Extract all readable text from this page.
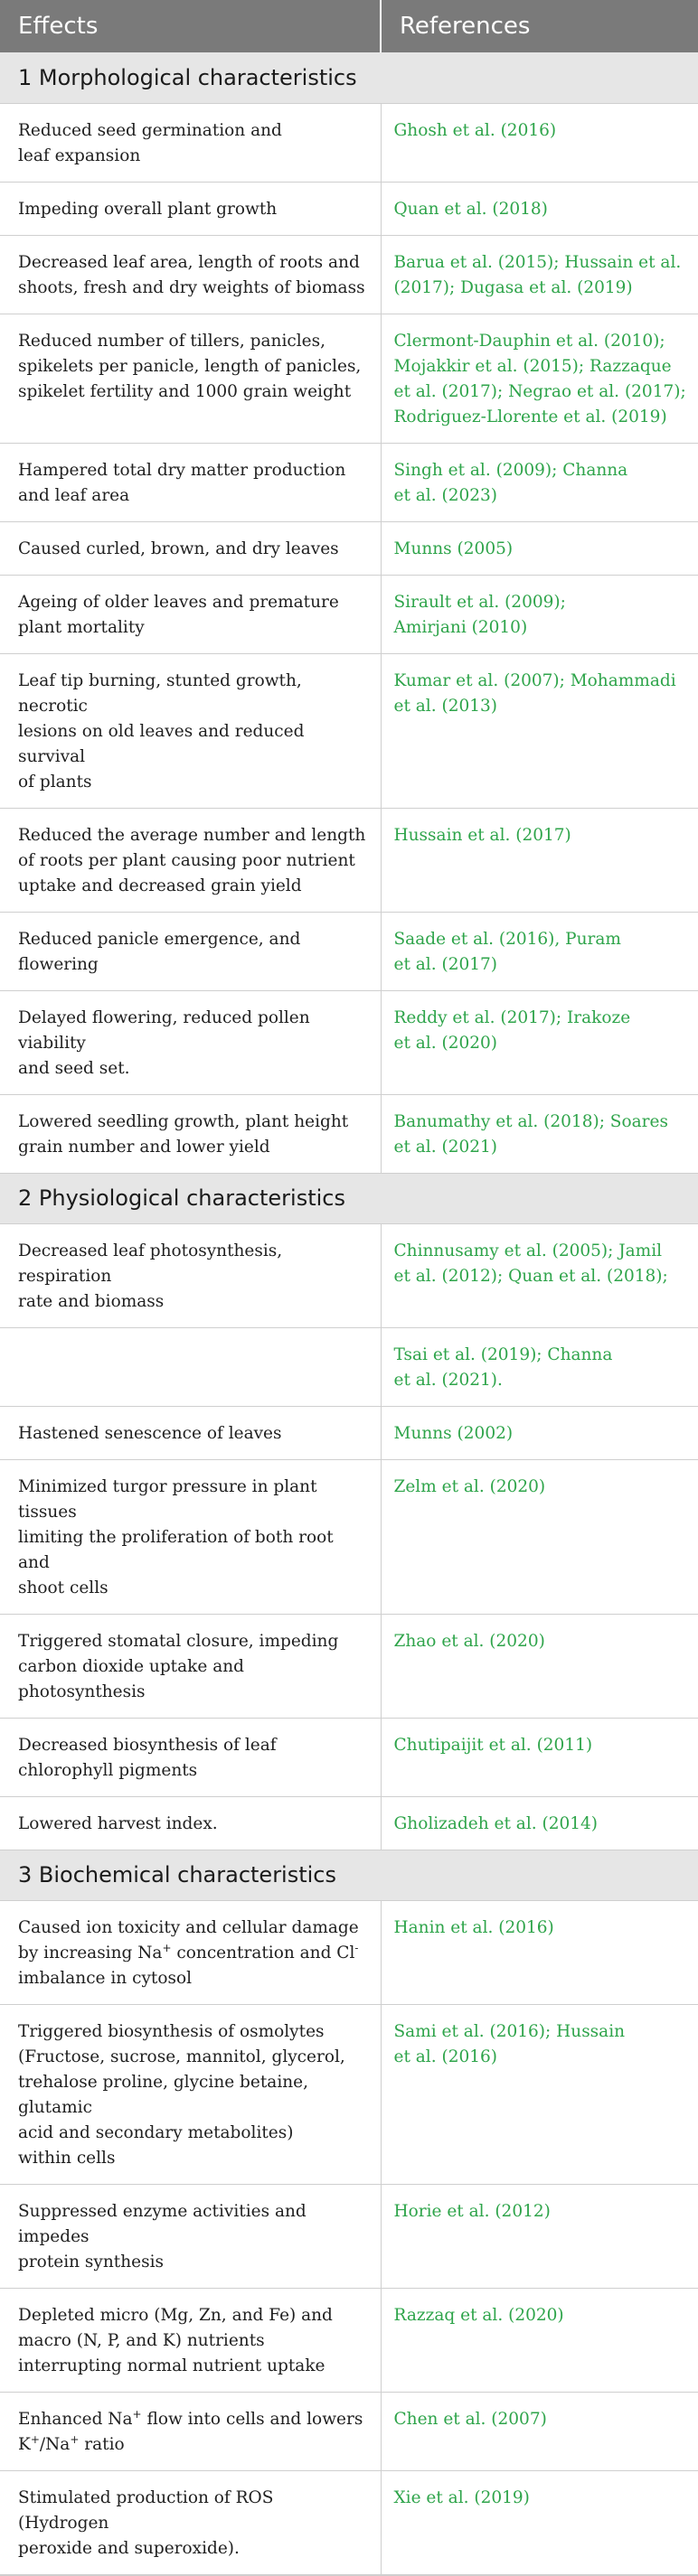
Effects	References
1 Morphological characteristics	

Reduced seed germination and
leaf expansion	Ghosh et al. (2016)

Impeding overall plant growth	Quan et al. (2018)

Decreased leaf area, length of roots and
shoots, fresh and dry weights of biomass	Barua et al. (2015); Hussain et al.
(2017); Dugasa et al. (2019)

Reduced number of tillers, panicles,
spikelets per panicle, length of panicles,
spikelet fertility and 1000 grain weight	Clermont-Dauphin et al. (2010);
Mojakkir et al. (2015); Razzaque
et al. (2017); Negrao et al. (2017);
Rodriguez-Llorente et al. (2019)

Hampered total dry matter production
and leaf area	Singh et al. (2009); Channa
et al. (2023)

Caused curled, brown, and dry leaves	Munns (2005)

Ageing of older leaves and premature
plant mortality	Sirault et al. (2009);
Amirjani (2010)

Leaf tip burning, stunted growth, necrotic
lesions on old leaves and reduced survival
of plants	Kumar et al. (2007); Mohammadi
et al. (2013)

Reduced the average number and length
of roots per plant causing poor nutrient
uptake and decreased grain yield	Hussain et al. (2017)

Reduced panicle emergence, and flowering	Saade et al. (2016), Puram
et al. (2017)

Delayed flowering, reduced pollen viability
and seed set.	Reddy et al. (2017); Irakoze
et al. (2020)

Lowered seedling growth, plant height
grain number and lower yield	Banumathy et al. (2018); Soares
et al. (2021)

2 Physiological characteristics	

Decreased leaf photosynthesis, respiration
rate and biomass	Chinnusamy et al. (2005); Jamil
et al. (2012); Quan et al. (2018);

	Tsai et al. (2019); Channa
et al. (2021).

Hastened senescence of leaves	Munns (2002)

Minimized turgor pressure in plant tissues
limiting the proliferation of both root and
shoot cells	Zelm et al. (2020)

Triggered stomatal closure, impeding
carbon dioxide uptake and photosynthesis	Zhao et al. (2020)

Decreased biosynthesis of leaf
chlorophyll pigments	Chutipaijit et al. (2011)

Lowered harvest index.	Gholizadeh et al. (2014)

3 Biochemical characteristics	

Caused ion toxicity and cellular damage
by increasing Na+ concentration and Cl-
imbalance in cytosol	Hanin et al. (2016)

Triggered biosynthesis of osmolytes
(Fructose, sucrose, mannitol, glycerol,
trehalose proline, glycine betaine, glutamic
acid and secondary metabolites)
within cells	Sami et al. (2016); Hussain
et al. (2016)

Suppressed enzyme activities and impedes
protein synthesis	Horie et al. (2012)

Depleted micro (Mg, Zn, and Fe) and
macro (N, P, and K) nutrients
interrupting normal nutrient uptake	Razzaq et al. (2020)

Enhanced Na+ flow into cells and lowers
K+/Na+ ratio	Chen et al. (2007)

Stimulated production of ROS (Hydrogen
peroxide and superoxide).	Xie et al. (2019)
